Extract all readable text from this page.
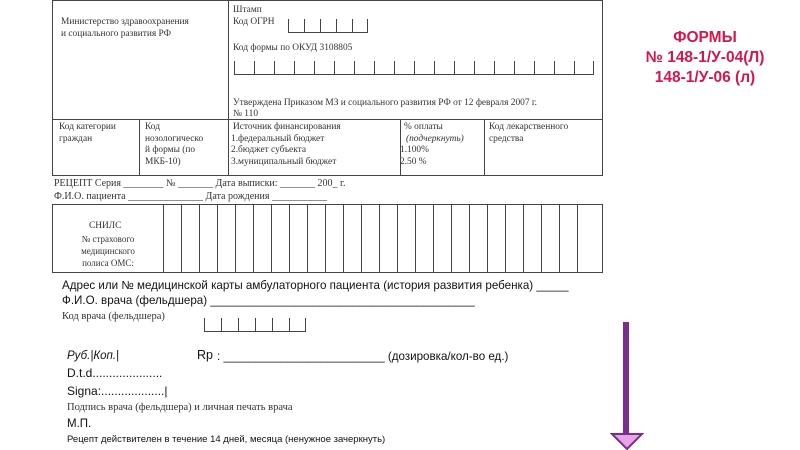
Министерство здравоохранения
и социального развития РФ
Штамп
Код ОГРН
Код формы по ОКУД 3108805
Утверждена Приказом МЗ и социального развития РФ от 12 февраля 2007 г.
№ 110
Код категории
граждан
Код
нозологическо
й формы (по
МКБ-10)
Источник финансирования
1.федеральный бюджет
2.бюджет субъекта
3.муниципальный бюджет
% оплаты
(подчеркнуть)
1.100%
2.50 %
Код лекарственного
средства
РЕЦЕПТ Серия ________ № _______ Дата выписки: _______ 200_ г.
Ф.И.О. пациента _______________ Дата рождения ___________
СНИЛС
№ страхового
медицинского
полиса ОМС:
Адрес или № медицинской карты амбулаторного пациента (история развития ребенка) _____
Ф.И.О. врача (фельдшера) _________________________________________
Код врача (фельдшера)
Руб.|Коп.|	Rp : _________________________ (дозировка/кол-во ед.)
D.t.d.....................
Signa:...................|
Подпись врача (фельдшера) и личная печать врача
М.П.
Рецепт действителен в течение 14 дней, месяца (ненужное зачеркнуть)
ФОРМЫ
№ 148-1/У-04(Л)
148-1/У-06 (л)
